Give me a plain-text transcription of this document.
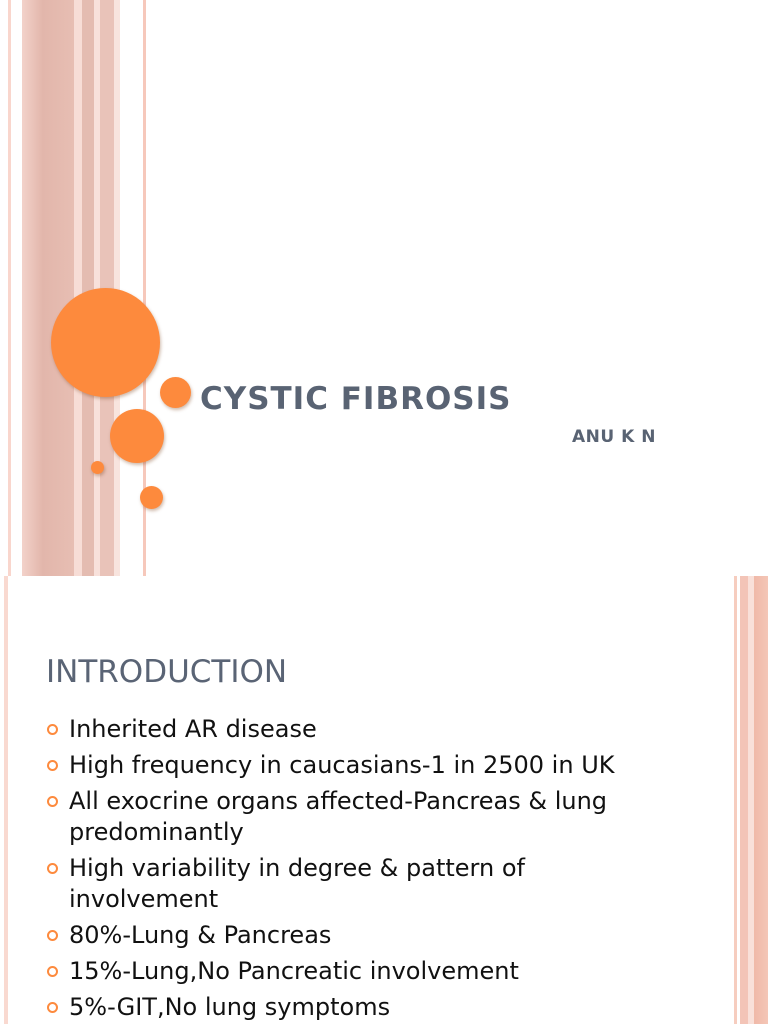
CYSTIC FIBROSIS
ANU K N
INTRODUCTION
Inherited AR disease
High frequency in caucasians-1 in 2500 in UK
All exocrine organs affected-Pancreas & lung
predominantly
High variability in degree & pattern of
involvement
80%-Lung & Pancreas
15%-Lung,No Pancreatic involvement
5%-GIT,No lung symptoms
